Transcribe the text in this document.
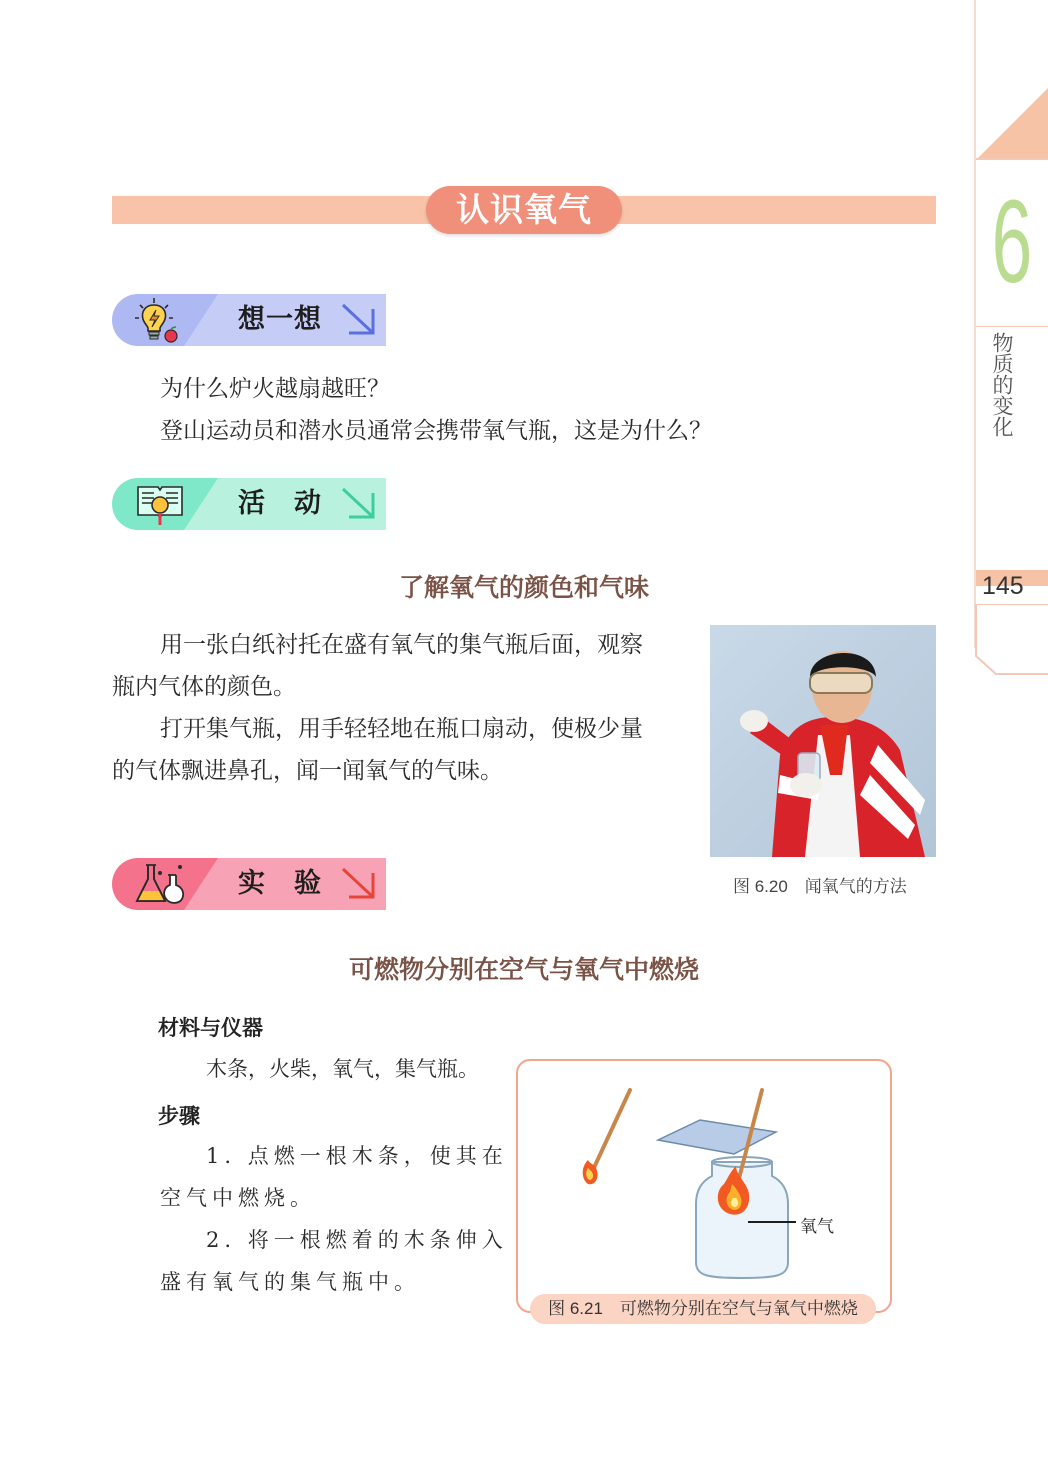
6
物质的变化
145
认识氧气
想一想
为什么炉火越扇越旺？
登山运动员和潜水员通常会携带氧气瓶，这是为什么？
活　动
了解氧气的颜色和气味
用一张白纸衬托在盛有氧气的集气瓶后面，观察
瓶内气体的颜色。
打开集气瓶，用手轻轻地在瓶口扇动，使极少量
的气体飘进鼻孔，闻一闻氧气的气味。
图 6.20　闻氧气的方法
实　验
可燃物分别在空气与氧气中燃烧
材料与仪器
木条，火柴，氧气，集气瓶。
步骤
1. 点燃一根木条，使其在
空气中燃烧。
2. 将一根燃着的木条伸入
盛有氧气的集气瓶中。
氧气
图 6.21　可燃物分别在空气与氧气中燃烧
